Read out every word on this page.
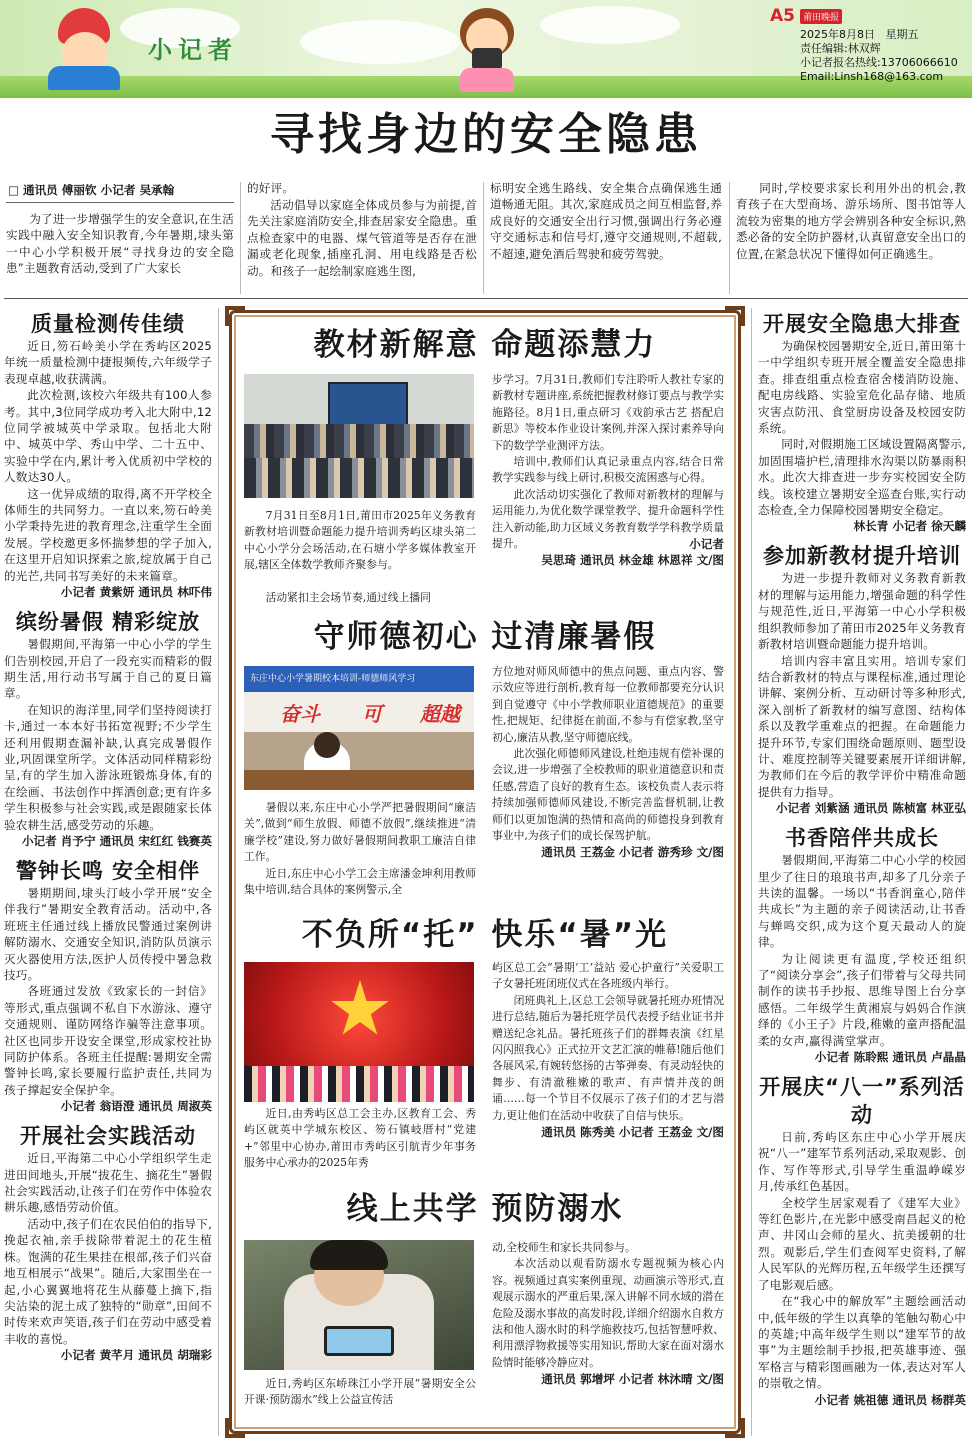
小记者
A5 莆田晚报
2025年8月8日 星期五
责任编辑:林双辉
小记者报名热线:13706066610
Email:Linsh168@163.com
寻找身边的安全隐患
□ 通讯员 傅丽钦 小记者 吴承翰
为了进一步增强学生的安全意识,在生活实践中融入安全知识教育,今年暑期,埭头第一中心小学积极开展“寻找身边的安全隐患”主题教育活动,受到了广大家长
的好评。
活动倡导以家庭全体成员参与为前提,首先关注家庭消防安全,排查居家安全隐患。重点检查家中的电器、煤气管道等是否存在泄漏或老化现象,插座孔洞、用电线路是否松动。和孩子一起绘制家庭逃生图,
标明安全逃生路线、安全集合点确保逃生通道畅通无阻。其次,家庭成员之间互相监督,养成良好的交通安全出行习惯,强调出行务必遵守交通标志和信号灯,遵守交通规则,不超载,不超速,避免酒后驾驶和疲劳驾驶。
同时,学校要求家长利用外出的机会,教育孩子在大型商场、游乐场所、图书馆等人流较为密集的地方学会辨别各种安全标识,熟悉必备的安全防护器材,认真留意安全出口的位置,在紧急状况下懂得如何正确逃生。
质量检测传佳绩
近日,笏石岭美小学在秀屿区2025年统一质量检测中捷报频传,六年级学子表现卓越,收获满满。
此次检测,该校六年级共有100人参考。其中,3位同学成功考入北大附中,12位同学被城英中学录取。包括北大附中、城英中学、秀山中学、二十五中、实验中学在内,累计考入优质初中学校的人数达30人。
这一优异成绩的取得,离不开学校全体师生的共同努力。一直以来,笏石岭美小学秉持先进的教育理念,注重学生全面发展。学校邀更多怀揣梦想的学子加入,在这里开启知识探索之旅,绽放属于自己的光芒,共同书写美好的未来篇章。
小记者 黄紫妍 通讯员 林吓伟
缤纷暑假 精彩绽放
暑假期间,平海第一中心小学的学生们告别校园,开启了一段充实而精彩的假期生活,用行动书写属于自己的夏日篇章。
在知识的海洋里,同学们坚持阅读打卡,通过一本本好书拓宽视野;不少学生还利用假期查漏补缺,认真完成暑假作业,巩固课堂所学。文体活动同样精彩纷呈,有的学生加入游泳班锻炼身体,有的在绘画、书法创作中挥洒创意;更有许多学生积极参与社会实践,或是跟随家长体验农耕生活,感受劳动的乐趣。
小记者 肖予宁 通讯员 宋红红 钱赛英
警钟长鸣 安全相伴
暑期期间,埭头汀岐小学开展“安全伴我行”暑期安全教育活动。活动中,各班班主任通过线上播放民警通过案例讲解防溺水、交通安全知识,消防队员演示灭火器使用方法,医护人员传授中暑急救技巧。
各班通过发放《致家长的一封信》等形式,重点强调不私自下水游泳、遵守交通规则、谨防网络诈骗等注意事项。社区也同步开设安全课堂,形成家校社协同防护体系。各班主任提醒:暑期安全需警钟长鸣,家长要履行监护责任,共同为孩子撑起安全保护伞。
小记者 翁语澄 通讯员 周淑英
开展社会实践活动
近日,平海第二中心小学组织学生走进田间地头,开展“拔花生、摘花生”暑假社会实践活动,让孩子们在劳作中体验农耕乐趣,感悟劳动价值。
活动中,孩子们在农民伯伯的指导下,挽起衣袖,亲手拔除带着泥土的花生植株。饱满的花生果挂在根部,孩子们兴奋地互相展示“战果”。随后,大家围坐在一起,小心翼翼地将花生从藤蔓上摘下,指尖沾染的泥土成了独特的“勋章”,田间不时传来欢声笑语,孩子们在劳动中感受着丰收的喜悦。
小记者 黄芊月 通讯员 胡瑞彩
开展安全隐患大排查
为确保校园暑期安全,近日,莆田第十一中学组织专班开展全覆盖安全隐患排查。排查组重点检查宿舍楼消防设施、配电房线路、实验室危化品存储、地质灾害点防汛、食堂厨房设备及校园安防系统。
同时,对假期施工区域设置隔离警示,加固围墙护栏,清理排水沟渠以防暴雨积水。此次大排查进一步夯实校园安全防线。该校建立暑期安全巡查台账,实行动态检查,全力保障校园暑期安全稳定。
林长青 小记者 徐天麟
参加新教材提升培训
为进一步提升教师对义务教育新教材的理解与运用能力,增强命题的科学性与规范性,近日,平海第一中心小学积极组织教师参加了莆田市2025年义务教育新教材培训暨命题能力提升培训。
培训内容丰富且实用。培训专家们结合新教材的特点与课程标准,通过理论讲解、案例分析、互动研讨等多种形式,深入剖析了新教材的编写意图、结构体系以及教学重难点的把握。在命题能力提升环节,专家们围绕命题原则、题型设计、难度控制等关键要素展开详细讲解,为教师们在今后的教学评价中精准命题提供有力指导。
小记者 刘紫涵 通讯员 陈桢富 林亚弘
书香陪伴共成长
暑假期间,平海第二中心小学的校园里少了往日的琅琅书声,却多了几分亲子共读的温馨。一场以“书香润童心,陪伴共成长”为主题的亲子阅读活动,让书香与蝉鸣交织,成为这个夏天最动人的旋律。
为让阅读更有温度,学校还组织了“阅读分享会”,孩子们带着与父母共同制作的读书手抄报、思维导图上台分享感悟。二年级学生黄湘宸与妈妈合作演绎的《小王子》片段,稚嫩的童声搭配温柔的女声,赢得满堂掌声。
小记者 陈聆熙 通讯员 卢晶晶
开展庆“八一”系列活动
日前,秀屿区东庄中心小学开展庆祝“八一”建军节系列活动,采取观影、创作、写作等形式,引导学生重温峥嵘岁月,传承红色基因。
全校学生居家观看了《建军大业》等红色影片,在光影中感受南昌起义的枪声、井冈山会师的星火、抗美援朝的壮烈。观影后,学生们查阅军史资料,了解人民军队的光辉历程,五年级学生还撰写了电影观后感。
在“我心中的解放军”主题绘画活动中,低年级的学生以真挚的笔触勾勒心中的英雄;中高年级学生则以“建军节的故事”为主题绘制手抄报,把英雄事迹、强军格言与精彩图画融为一体,表达对军人的崇敬之情。
小记者 姚祖德 通讯员 杨群英
教材新解意 命题添慧力
7月31日至8月1日,莆田市2025年义务教育新教材培训暨命题能力提升培训秀屿区埭头第二中心小学分会场活动,在石塘小学多媒体教室开展,辖区全体数学教师齐聚参与。
活动紧扣主会场节奏,通过线上播同
步学习。7月31日,教师们专注聆听人教社专家的新教材专题讲座,系统把握教材修订要点与教学实施路径。8月1日,重点研习《戏韵承古艺 搭配启新思》等校本作业设计案例,并深入探讨素养导向下的数学学业测评方法。
培训中,教师们认真记录重点内容,结合日常教学实践参与线上研讨,积极交流困惑与心得。
此次活动切实强化了教师对新教材的理解与运用能力,为优化数学课堂教学、提升命题科学性注入新动能,助力区域义务教育数学学科教学质量提升。	小记者
吴思琦 通讯员 林金雄 林恩祥 文/图
守师德初心 过清廉暑假
东庄中心小学暑期校本培训-师德师风学习
奋斗 可 超越
暑假以来,东庄中心小学严把暑假期间“廉洁关”,做到“师生放假、师德不放假”,继续推进“清廉学校”建设,努力做好暑假期间教职工廉洁自律工作。
近日,东庄中心小学工会主席潘金坤利用教师集中培训,结合具体的案例警示,全
方位地对师风师德中的焦点问题、重点内容、警示效应等进行剖析,教育每一位教师都要充分认识到自觉遵守《中小学教师职业道德规范》的重要性,把规矩、纪律挺在前面,不参与有偿家教,坚守初心,廉洁从教,坚守师德底线。
此次强化师德师风建设,杜绝违规有偿补课的会议,进一步增强了全校教师的职业道德意识和责任感,营造了良好的教育生态。该校负责人表示将持续加强师德师风建设,不断完善监督机制,让教师们以更加饱满的热情和高尚的师德投身到教育事业中,为孩子们的成长保驾护航。
通讯员 王荔金 小记者 游秀珍 文/图
不负所“托” 快乐“暑”光
近日,由秀屿区总工会主办,区教育工会、秀屿区就英中学城东校区、笏石镇岐厝村“党建+”邻里中心协办,莆田市秀屿区引航青少年事务服务中心承办的2025年秀
屿区总工会“暑期‘工’益站 爱心护童行”关爱职工子女暑托班闭班仪式在各班级内举行。
闭班典礼上,区总工会领导就暑托班办班情况进行总结,随后为暑托班学员代表授予结业证书并赠送纪念礼品。暑托班孩子们的群舞表演《红星闪闪照我心》正式拉开文艺汇演的帷幕!随后他们各展风采,有婉转悠扬的古筝弹奏、有灵动轻快的舞步、有清澈稚嫩的歌声、有声情并茂的朗诵……每一个节目不仅展示了孩子们的才艺与潜力,更让他们在活动中收获了自信与快乐。
通讯员 陈秀美 小记者 王荔金 文/图
线上共学 预防溺水
近日,秀屿区东峤珠江小学开展“暑期安全公开课·预防溺水”线上公益宣传活
动,全校师生和家长共同参与。
本次活动以观看防溺水专题视频为核心内容。视频通过真实案例重现、动画演示等形式,直观展示溺水的严重后果,深入讲解不同水域的潜在危险及溺水事故的高发时段,详细介绍溺水自救方法和他人溺水时的科学施救技巧,包括智慧呼救、利用漂浮物救援等实用知识,帮助大家在面对溺水险情时能够冷静应对。
通讯员 郭增坪 小记者 林沐晴 文/图
